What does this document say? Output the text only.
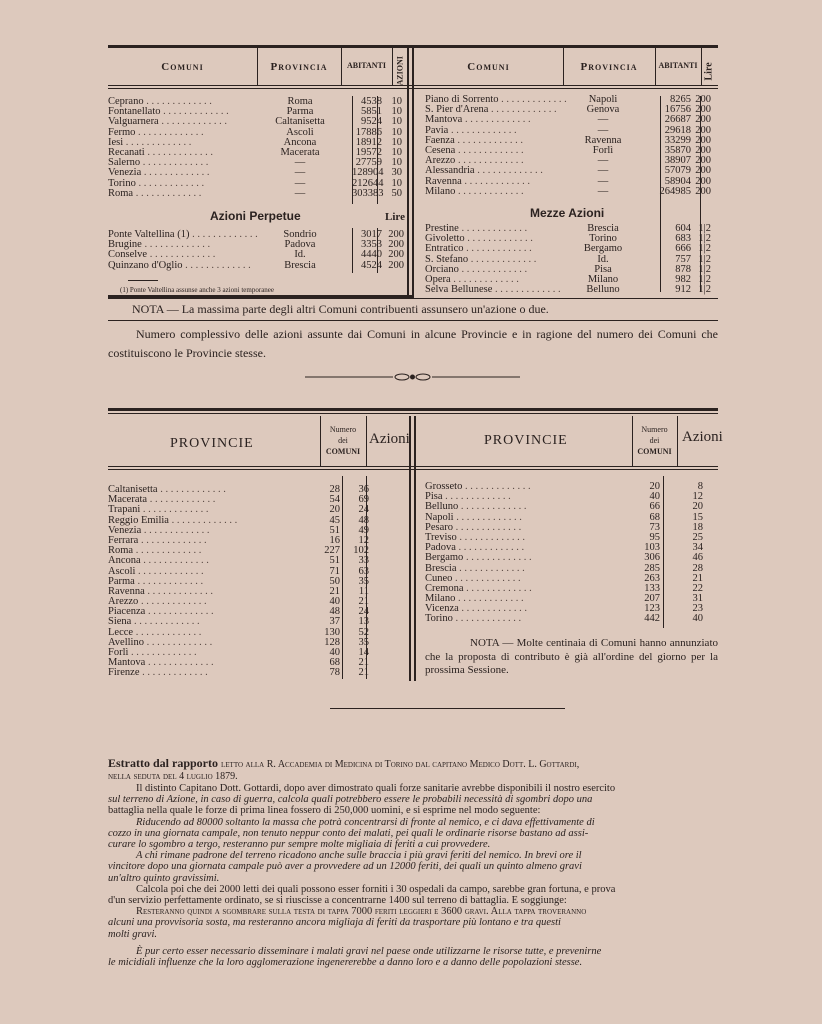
Comuni	Provincia	ABITANTI	AZIONI	Comuni	Provincia	ABITANTI Lire
Ceprano . . . . . . . . . . . . .	Roma	4538 10
Fontanellato . . . . . . . . . . . . .	Parma	5851 10
Valguarnera . . . . . . . . . . . . .	Caltanisetta	9524 10
Fermo . . . . . . . . . . . . .	Ascoli	17886 10
Iesi . . . . . . . . . . . . .	Ancona	18912 10
Recanati . . . . . . . . . . . . .	Macerata	19572 10
Salerno . . . . . . . . . . . . .	—	27759 10
Venezia . . . . . . . . . . . . .	—	128904 30
Torino . . . . . . . . . . . . .	—	212644 10
Roma . . . . . . . . . . . . .	—	303383 50
Piano di Sorrento . . . . . . . . . . . . .	Napoli	8265 200
S. Pier d'Arena . . . . . . . . . . . . .	Genova	16756 200
Mantova . . . . . . . . . . . . .	—	26687 200
Pavia . . . . . . . . . . . . .	—	29618 200
Faenza . . . . . . . . . . . . .	Ravenna	33299 200
Cesena . . . . . . . . . . . . .	Forlì	35870 200
Arezzo . . . . . . . . . . . . .	—	38907 200
Alessandria . . . . . . . . . . . . .	—	57079 200
Ravenna . . . . . . . . . . . . .	—	58904 200
Milano . . . . . . . . . . . . .	—	264985 200
Azioni Perpetue	Lire
Ponte Valtellina (1) . . . . . . . . . . . . .	Sondrio	3017 200
Brugine . . . . . . . . . . . . .	Padova	3353 200
Conselve . . . . . . . . . . . . .	Id.	4440 200
Quinzano d'Oglio . . . . . . . . . . . . .	Brescia	4524 200
(1) Ponte Valtellina assunse anche 3 azioni temporanee
Mezze Azioni
Prestine . . . . . . . . . . . . .	Brescia	604 1|2
Givoletto . . . . . . . . . . . . .	Torino	683 1|2
Entratico . . . . . . . . . . . . .	Bergamo	666 1|2
S. Stefano . . . . . . . . . . . . .	Id.	757 1|2
Orciano . . . . . . . . . . . . .	Pisa	878 1|2
Opera . . . . . . . . . . . . .	Milano	982 1|2
Selva Bellunese . . . . . . . . . . . . .	Belluno	912 1|2
NOTA — La massima parte degli altri Comuni contribuenti assunsero un'azione o due.
Numero complessivo delle azioni assunte dai Comuni in alcune Provincie e in ragione del numero dei Comuni che costituiscono le Provincie stesse.
PROVINCIE
Numero
dei
COMUNI
Azioni	PROVINCIE
Numero
dei
COMUNI
Azioni
Caltanisetta . . . . . . . . . . . . .	28	36
Macerata . . . . . . . . . . . . .	54	69
Trapani . . . . . . . . . . . . .	20	24
Reggio Emilia . . . . . . . . . . . . .	45	48
Venezia . . . . . . . . . . . . .	51	49
Ferrara . . . . . . . . . . . . .	16	12
Roma . . . . . . . . . . . . .	227	102
Ancona . . . . . . . . . . . . .	51	33
Ascoli . . . . . . . . . . . . .	71	63
Parma . . . . . . . . . . . . .	50	35
Ravenna . . . . . . . . . . . . .	21	11
Arezzo . . . . . . . . . . . . .	40	21
Piacenza . . . . . . . . . . . . .	48	24
Siena . . . . . . . . . . . . .	37	13
Lecce . . . . . . . . . . . . .	130	52
Avellino . . . . . . . . . . . . .	128	35
Forlì . . . . . . . . . . . . .	40	14
Mantova . . . . . . . . . . . . .	68	21
Firenze . . . . . . . . . . . . .	78	21
Grosseto . . . . . . . . . . . . .	20	8
Pisa . . . . . . . . . . . . .	40	12
Belluno . . . . . . . . . . . . .	66	20
Napoli . . . . . . . . . . . . .	68	15
Pesaro . . . . . . . . . . . . .	73	18
Treviso . . . . . . . . . . . . .	95	25
Padova . . . . . . . . . . . . .	103	34
Bergamo . . . . . . . . . . . . .	306	46
Brescia . . . . . . . . . . . . .	285	28
Cuneo . . . . . . . . . . . . .	263	21
Cremona . . . . . . . . . . . . .	133	22
Milano . . . . . . . . . . . . .	207	31
Vicenza . . . . . . . . . . . . .	123	23
Torino . . . . . . . . . . . . .	442	40
NOTA — Molte centinaia di Comuni hanno annunziato che la proposta di contributo è già all'ordine del giorno per la prossima Sessione.
Estratto dal rapporto letto alla R. Accademia di Medicina di Torino dal capitano Medico Dott. L. Gottardi,
nella seduta del 4 luglio 1879.
Il distinto Capitano Dott. Gottardi, dopo aver dimostrato quali forze sanitarie avrebbe disponibili il nostro esercito
sul terreno di Azione, in caso di guerra, calcola quali potrebbero essere le probabili necessità di sgombri dopo una
battaglia nella quale le forze di prima linea fossero di 250,000 uomini, e si esprime nel modo seguente:
Riducendo ad 80000 soltanto la massa che potrà concentrarsi di fronte al nemico, e ci dava effettivamente di
cozzo in una giornata campale, non tenuto neppur conto dei malati, pei quali le ordinarie risorse bastano ad assi-
curare lo sgombro a tergo, resteranno pur sempre molte migliaia di feriti a cui provvedere.
A chi rimane padrone del terreno ricadono anche sulle braccia i più gravi feriti del nemico. In brevi ore il
vincitore dopo una giornata campale può aver a provvedere ad un 12000 feriti, dei quali un quinto almeno gravi
un'altro quinto gravissimi.
Calcola poi che dei 2000 letti dei quali possono esser forniti i 30 ospedali da campo, sarebbe gran fortuna, e prova
d'un servizio perfettamente ordinato, se si riuscisse a concentrarne 1400 sul terreno di battaglia. E soggiunge:
Resteranno quindi a sgombrare sulla testa di tappa 7000 feriti leggieri e 3600 gravi. Alla tappa troveranno
alcuni una provvisoria sosta, ma resteranno ancora migliaja di feriti da trasportare più lontano e tra questi
molti gravi.
È pur certo esser necessario disseminare i malati gravi nel paese onde utilizzarne le risorse tutte, e prevenirne
le micidiali influenze che la loro agglomerazione ingenererebbe a danno loro e a danno delle popolazioni stesse.
